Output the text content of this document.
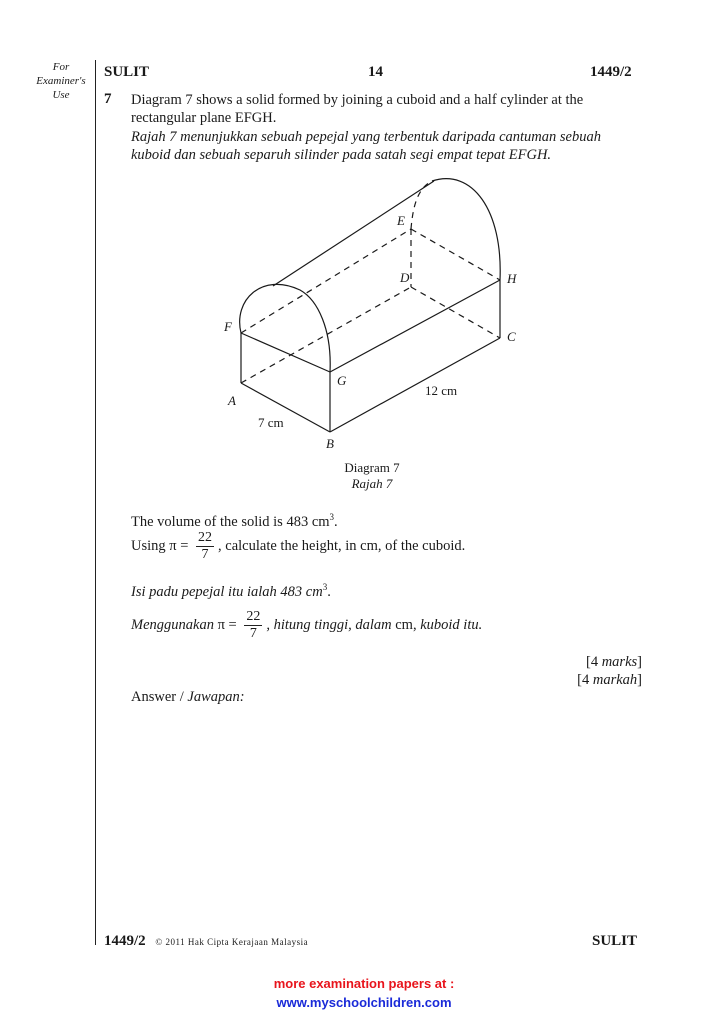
For
Examiner's
Use
SULIT	14	1449/2
7 Diagram 7 shows a solid formed by joining a cuboid and a half cylinder at the
rectangular plane EFGH.
Rajah 7 menunjukkan sebuah pepejal yang terbentuk daripada cantuman sebuah
kuboid dan sebuah separuh silinder pada satah segi empat tepat EFGH.
A
B
C
D
E
F
G
H
12 cm
7 cm
Diagram 7
Rajah 7
The volume of the solid is 483 $cm^3$.
Using $\pi = \frac{22}{7}$ , calculate the height, in cm, of the cuboid.
Isi padu pepejal itu ialah 483 $cm^3$.
Menggunakan $\pi = \frac{22}{7}$ , hitung tinggi, dalam cm, kuboid itu.
[4 marks]
[4 markah]
Answer / Jawapan:
1449/2 © 2011 Hak Cipta Kerajaan Malaysia	SULIT
more examination papers at :
www.myschoolchildren.com
